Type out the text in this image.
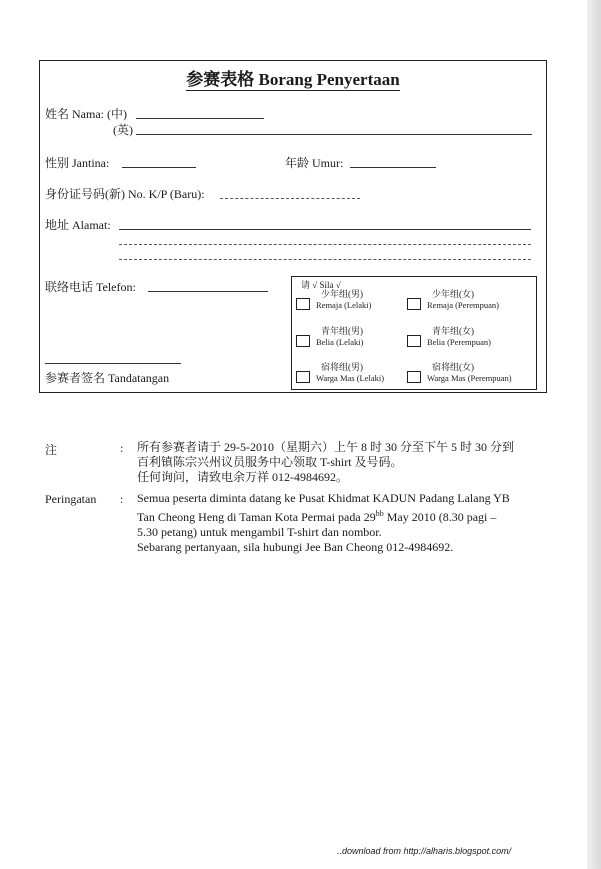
参赛表格 Borang Penyertaan
姓名 Nama: (中)
(英)
性别 Jantina:	年龄 Umur:
身份证号码(新) No. K/P (Baru):
地址 Alamat:
联络电话 Telefon:
参赛者签名 Tandatangan
请 √ Sila √
少年组(男)
Remaja (Lelaki)
少年组(女)
Remaja (Perempuan)
青年组(男)
Belia (Lelaki)
青年组(女)
Belia (Perempuan)
宿将组(男)
Warga Mas (Lelaki)
宿将组(女)
Warga Mas (Perempuan)
注	: 所有参赛者请于 29-5-2010（星期六）上午 8 时 30 分至下午 5 时 30 分到
百利镇陈宗兴州议员服务中心领取 T-shirt 及号码。
任何询问，请致电余万祥 012-4984692。
Peringatan : Semua peserta diminta datang ke Pusat Khidmat KADUN Padang Lalang YB
Tan Cheong Heng di Taman Kota Permai pada $29^{hb}$ May 2010 (8.30 pagi –
5.30 petang) untuk mengambil T-shirt dan nombor.
Sebarang pertanyaan, sila hubungi Jee Ban Cheong 012-4984692.
..download from http://alharis.blogspot.com/
